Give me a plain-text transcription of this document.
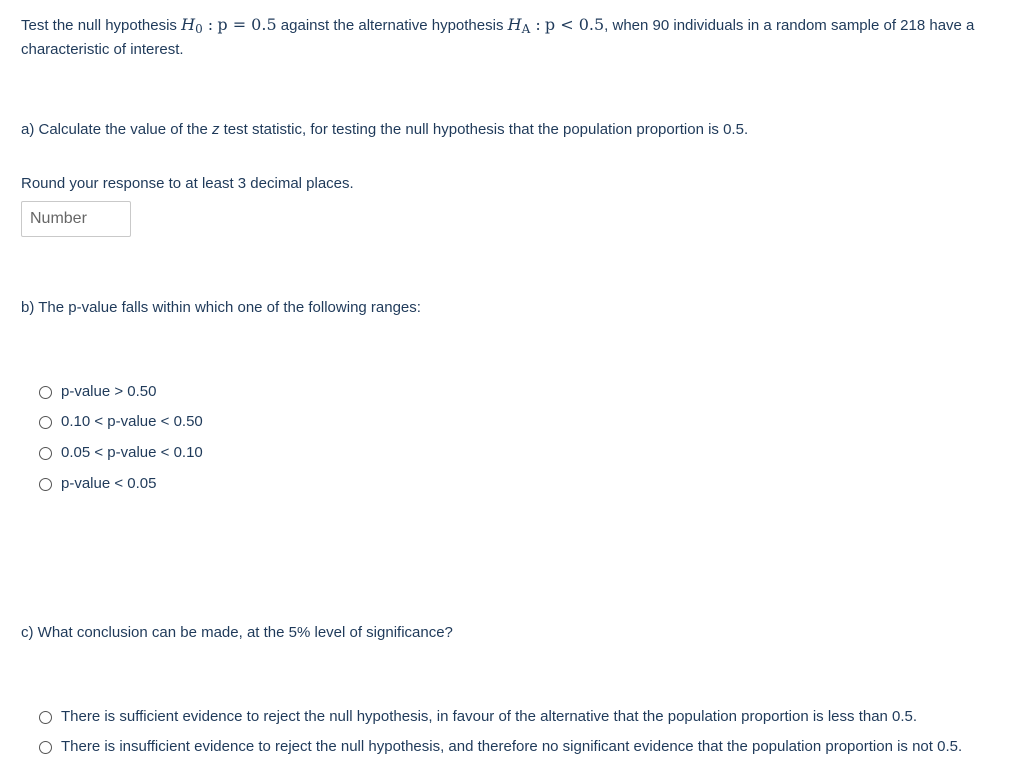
Test the null hypothesis $H_0$ : p = 0.5 against the alternative hypothesis $H_A$ : p < 0.5, when 90 individuals in a random sample of 218 have a characteristic of interest.
a) Calculate the value of the z test statistic, for testing the null hypothesis that the population proportion is 0.5.
Round your response to at least 3 decimal places.
Number
b) The p-value falls within which one of the following ranges:
p-value > 0.50
0.10 < p-value < 0.50
0.05 < p-value < 0.10
p-value < 0.05
c) What conclusion can be made, at the 5% level of significance?
There is sufficient evidence to reject the null hypothesis, in favour of the alternative that the population proportion is less than 0.5.
There is insufficient evidence to reject the null hypothesis, and therefore no significant evidence that the population proportion is not 0.5.
